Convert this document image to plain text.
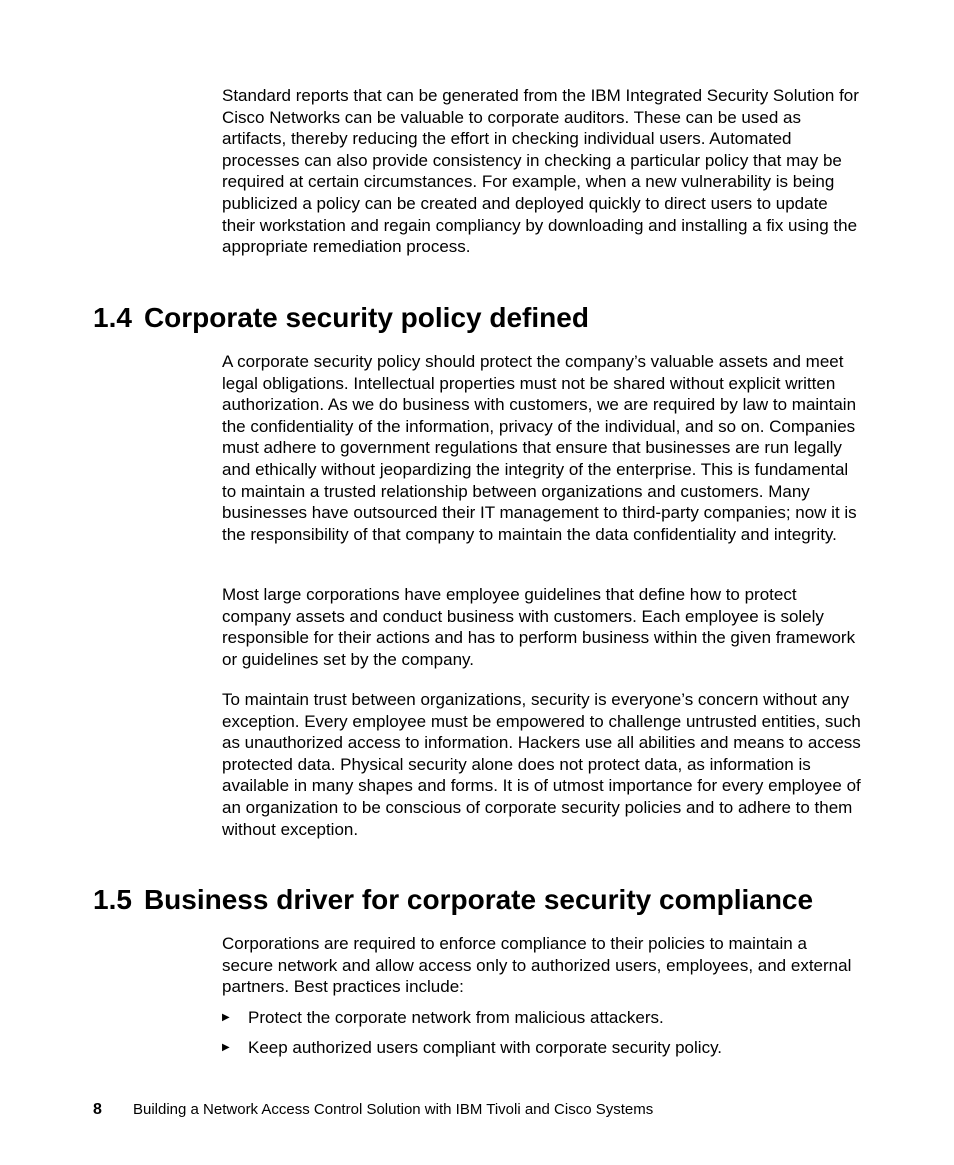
Standard reports that can be generated from the IBM Integrated Security Solution for Cisco Networks can be valuable to corporate auditors. These can be used as artifacts, thereby reducing the effort in checking individual users. Automated processes can also provide consistency in checking a particular policy that may be required at certain circumstances. For example, when a new vulnerability is being publicized a policy can be created and deployed quickly to direct users to update their workstation and regain compliancy by downloading and installing a fix using the appropriate remediation process.

1.4 Corporate security policy defined

A corporate security policy should protect the company’s valuable assets and meet legal obligations. Intellectual properties must not be shared without explicit written authorization. As we do business with customers, we are required by law to maintain the confidentiality of the information, privacy of the individual, and so on. Companies must adhere to government regulations that ensure that businesses are run legally and ethically without jeopardizing the integrity of the enterprise. This is fundamental to maintain a trusted relationship between organizations and customers. Many businesses have outsourced their IT management to third-party companies; now it is the responsibility of that company to maintain the data confidentiality and integrity.

Most large corporations have employee guidelines that define how to protect company assets and conduct business with customers. Each employee is solely responsible for their actions and has to perform business within the given framework or guidelines set by the company.

To maintain trust between organizations, security is everyone’s concern without any exception. Every employee must be empowered to challenge untrusted entities, such as unauthorized access to information. Hackers use all abilities and means to access protected data. Physical security alone does not protect data, as information is available in many shapes and forms. It is of utmost importance for every employee of an organization to be conscious of corporate security policies and to adhere to them without exception.

1.5 Business driver for corporate security compliance

Corporations are required to enforce compliance to their policies to maintain a secure network and allow access only to authorized users, employees, and external partners. Best practices include:

▶ Protect the corporate network from malicious attackers.
▶ Keep authorized users compliant with corporate security policy.
8 Building a Network Access Control Solution with IBM Tivoli and Cisco Systems
